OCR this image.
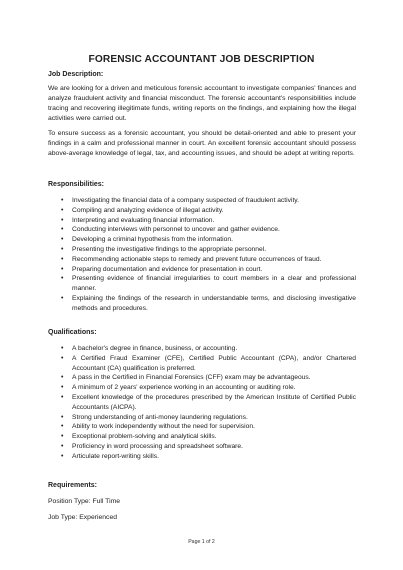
FORENSIC ACCOUNTANT JOB DESCRIPTION
Job Description:
We are looking for a driven and meticulous forensic accountant to investigate companies' finances and analyze fraudulent activity and financial misconduct. The forensic accountant's responsibilities include tracing and recovering illegitimate funds, writing reports on the findings, and explaining how the illegal activities were carried out.
To ensure success as a forensic accountant, you should be detail-oriented and able to present your findings in a calm and professional manner in court. An excellent forensic accountant should possess above-average knowledge of legal, tax, and accounting issues, and should be adept at writing reports.
Responsibilities:
• Investigating the financial data of a company suspected of fraudulent activity.
• Compiling and analyzing evidence of illegal activity.
• Interpreting and evaluating financial information.
• Conducting interviews with personnel to uncover and gather evidence.
• Developing a criminal hypothesis from the information.
• Presenting the investigative findings to the appropriate personnel.
• Recommending actionable steps to remedy and prevent future occurrences of fraud.
• Preparing documentation and evidence for presentation in court.
• Presenting evidence of financial irregularities to court members in a clear and professional manner.
• Explaining the findings of the research in understandable terms, and disclosing investigative methods and procedures.
Qualifications:
• A bachelor's degree in finance, business, or accounting.
• A Certified Fraud Examiner (CFE), Certified Public Accountant (CPA), and/or Chartered Accountant (CA) qualification is preferred.
• A pass in the Certified in Financial Forensics (CFF) exam may be advantageous.
• A minimum of 2 years' experience working in an accounting or auditing role.
• Excellent knowledge of the procedures prescribed by the American Institute of Certified Public Accountants (AICPA).
• Strong understanding of anti-money laundering regulations.
• Ability to work independently without the need for supervision.
• Exceptional problem-solving and analytical skills.
• Proficiency in word processing and spreadsheet software.
• Articulate report-writing skills.
Requirements:
Position Type: Full Time
Job Type: Experienced
Page 1 of 2
